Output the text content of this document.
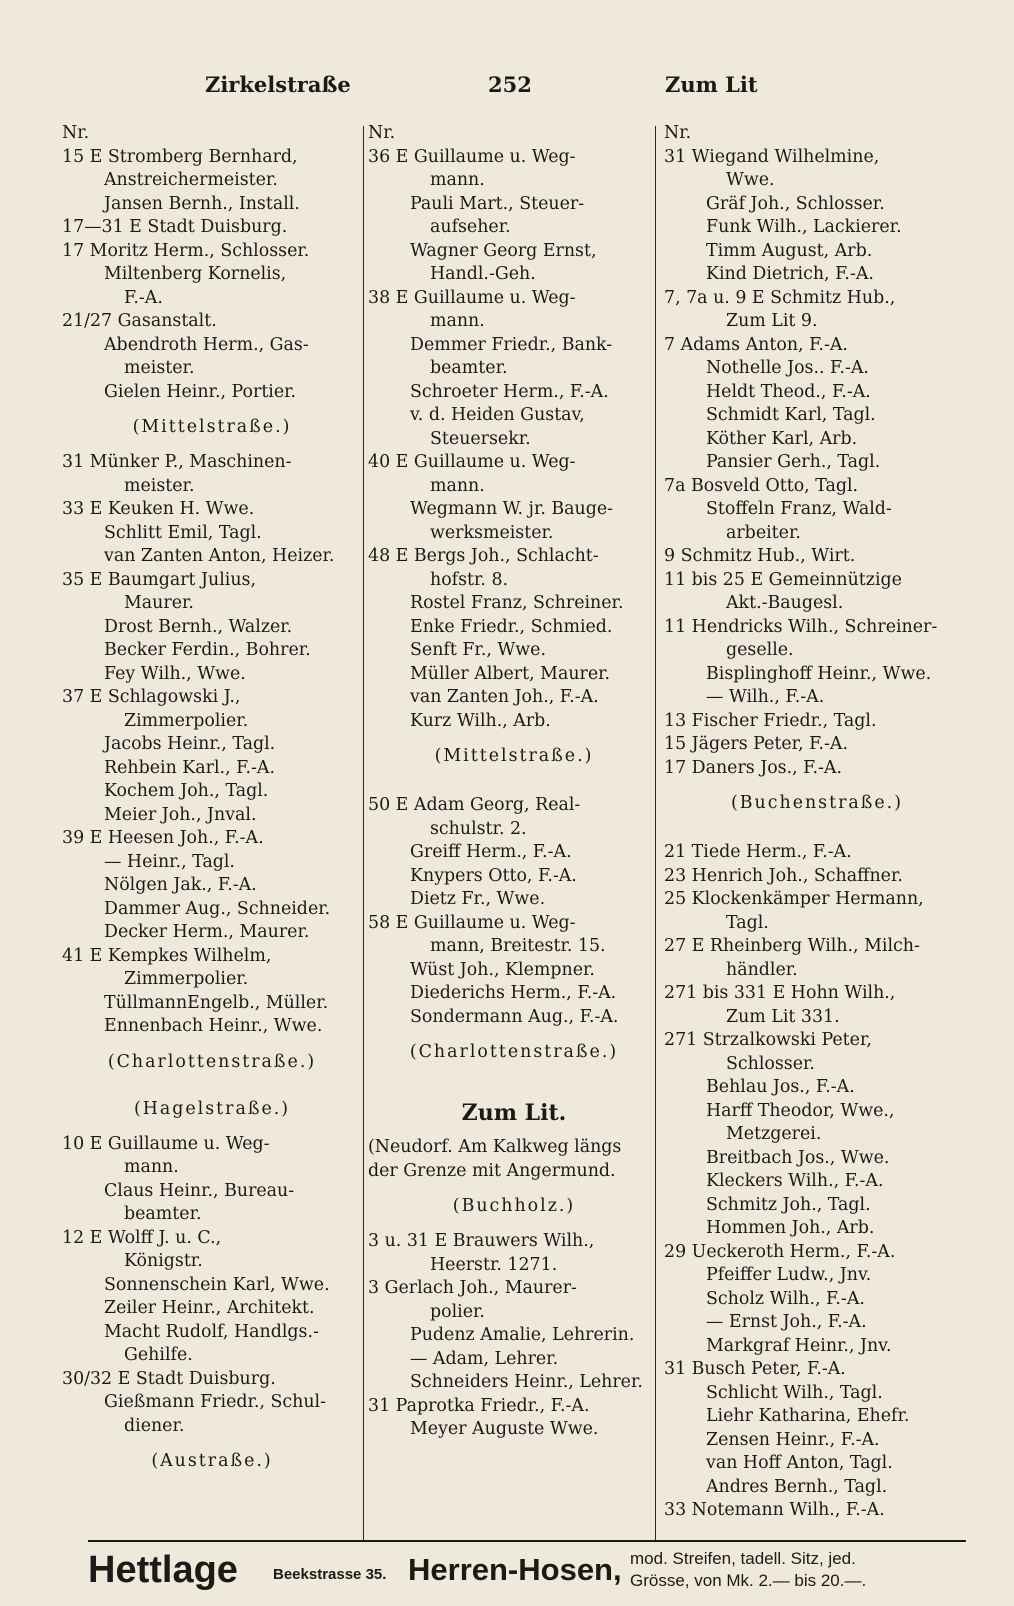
Zirkelstraße	252	Zum Lit
Nr.
15 E Stromberg Bernhard,
Anstreichermeister.
Jansen Bernh., Install.
17—31 E Stadt Duisburg.
17 Moritz Herm., Schlosser.
Miltenberg Kornelis,
F.-A.
21/27 Gasanstalt.
Abendroth Herm., Gas-
meister.
Gielen Heinr., Portier.
(Mittelstraße.)
31 Münker P., Maschinen-
meister.
33 E Keuken H. Wwe.
Schlitt Emil, Tagl.
van Zanten Anton, Heizer.
35 E Baumgart Julius,
Maurer.
Drost Bernh., Walzer.
Becker Ferdin., Bohrer.
Fey Wilh., Wwe.
37 E Schlagowski J.,
Zimmerpolier.
Jacobs Heinr., Tagl.
Rehbein Karl., F.-A.
Kochem Joh., Tagl.
Meier Joh., Jnval.
39 E Heesen Joh., F.-A.
— Heinr., Tagl.
Nölgen Jak., F.-A.
Dammer Aug., Schneider.
Decker Herm., Maurer.
41 E Kempkes Wilhelm,
Zimmerpolier.
TüllmannEngelb., Müller.
Ennenbach Heinr., Wwe.
(Charlottenstraße.)
(Hagelstraße.)
10 E Guillaume u. Weg-
mann.
Claus Heinr., Bureau-
beamter.
12 E Wolff J. u. C.,
Königstr.
Sonnenschein Karl, Wwe.
Zeiler Heinr., Architekt.
Macht Rudolf, Handlgs.-
Gehilfe.
30/32 E Stadt Duisburg.
Gießmann Friedr., Schul-
diener.
(Austraße.)
Nr.
36 E Guillaume u. Weg-
mann.
Pauli Mart., Steuer-
aufseher.
Wagner Georg Ernst,
Handl.-Geh.
38 E Guillaume u. Weg-
mann.
Demmer Friedr., Bank-
beamter.
Schroeter Herm., F.-A.
v. d. Heiden Gustav,
Steuersekr.
40 E Guillaume u. Weg-
mann.
Wegmann W. jr. Bauge-
werksmeister.
48 E Bergs Joh., Schlacht-
hofstr. 8.
Rostel Franz, Schreiner.
Enke Friedr., Schmied.
Senft Fr., Wwe.
Müller Albert, Maurer.
van Zanten Joh., F.-A.
Kurz Wilh., Arb.
(Mittelstraße.)
50 E Adam Georg, Real-
schulstr. 2.
Greiff Herm., F.-A.
Knypers Otto, F.-A.
Dietz Fr., Wwe.
58 E Guillaume u. Weg-
mann, Breitestr. 15.
Wüst Joh., Klempner.
Diederichs Herm., F.-A.
Sondermann Aug., F.-A.
(Charlottenstraße.)
Zum Lit.
(Neudorf. Am Kalkweg längs
der Grenze mit Angermund.
(Buchholz.)
3 u. 31 E Brauwers Wilh.,
Heerstr. 1271.
3 Gerlach Joh., Maurer-
polier.
Pudenz Amalie, Lehrerin.
— Adam, Lehrer.
Schneiders Heinr., Lehrer.
31 Paprotka Friedr., F.-A.
Meyer Auguste Wwe.
Nr.
31 Wiegand Wilhelmine,
Wwe.
Gräf Joh., Schlosser.
Funk Wilh., Lackierer.
Timm August, Arb.
Kind Dietrich, F.-A.
7, 7a u. 9 E Schmitz Hub.,
Zum Lit 9.
7 Adams Anton, F.-A.
Nothelle Jos.. F.-A.
Heldt Theod., F.-A.
Schmidt Karl, Tagl.
Köther Karl, Arb.
Pansier Gerh., Tagl.
7a Bosveld Otto, Tagl.
Stoffeln Franz, Wald-
arbeiter.
9 Schmitz Hub., Wirt.
11 bis 25 E Gemeinnützige
Akt.-Baugesl.
11 Hendricks Wilh., Schreiner-
geselle.
Bisplinghoff Heinr., Wwe.
— Wilh., F.-A.
13 Fischer Friedr., Tagl.
15 Jägers Peter, F.-A.
17 Daners Jos., F.-A.
(Buchenstraße.)
21 Tiede Herm., F.-A.
23 Henrich Joh., Schaffner.
25 Klockenkämper Hermann,
Tagl.
27 E Rheinberg Wilh., Milch-
händler.
271 bis 331 E Hohn Wilh.,
Zum Lit 331.
271 Strzalkowski Peter,
Schlosser.
Behlau Jos., F.-A.
Harff Theodor, Wwe.,
Metzgerei.
Breitbach Jos., Wwe.
Kleckers Wilh., F.-A.
Schmitz Joh., Tagl.
Hommen Joh., Arb.
29 Ueckeroth Herm., F.-A.
Pfeiffer Ludw., Jnv.
Scholz Wilh., F.-A.
— Ernst Joh., F.-A.
Markgraf Heinr., Jnv.
31 Busch Peter, F.-A.
Schlicht Wilh., Tagl.
Liehr Katharina, Ehefr.
Zensen Heinr., F.-A.
van Hoff Anton, Tagl.
Andres Bernh., Tagl.
33 Notemann Wilh., F.-A.
Hettlage Beekstrasse 35. Herren-Hosen, mod. Streifen, tadell. Sitz, jed.
Grösse, von Mk. 2.— bis 20.—.
